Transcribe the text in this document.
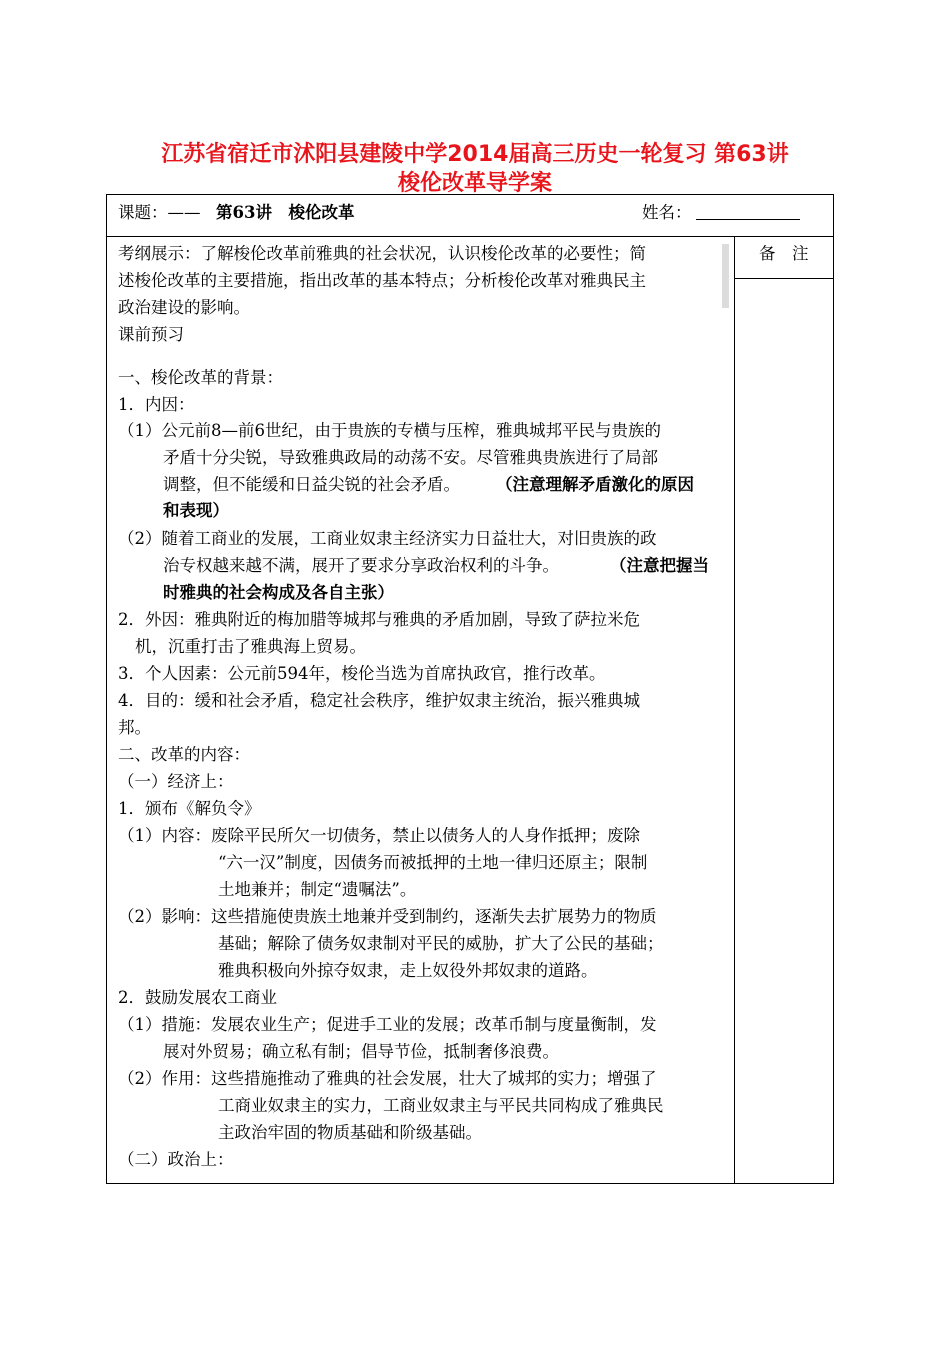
江苏省宿迁市沭阳县建陵中学2014届高三历史一轮复习 第63讲
梭伦改革导学案
课题：—— 第63讲　梭伦改革	姓名：
备　注
考纲展示：了解梭伦改革前雅典的社会状况，认识梭伦改革的必要性；简
述梭伦改革的主要措施，指出改革的基本特点；分析梭伦改革对雅典民主
政治建设的影响。
课前预习
一、梭伦改革的背景：
1．内因：
（1）公元前8—前6世纪，由于贵族的专横与压榨，雅典城邦平民与贵族的
矛盾十分尖锐，导致雅典政局的动荡不安。尽管雅典贵族进行了局部
调整，但不能缓和日益尖锐的社会矛盾。 （注意理解矛盾激化的原因
和表现）
（2）随着工商业的发展，工商业奴隶主经济实力日益壮大，对旧贵族的政
治专权越来越不满，展开了要求分享政治权利的斗争。	（注意把握当
时雅典的社会构成及各自主张）
2．外因：雅典附近的梅加腊等城邦与雅典的矛盾加剧，导致了萨拉米危
机，沉重打击了雅典海上贸易。
3．个人因素：公元前594年，梭伦当选为首席执政官，推行改革。
4．目的：缓和社会矛盾，稳定社会秩序，维护奴隶主统治，振兴雅典城
邦。
二、改革的内容：
（一）经济上：
1．颁布《解负令》
（1）内容：废除平民所欠一切债务，禁止以债务人的人身作抵押；废除
“六一汉”制度，因债务而被抵押的土地一律归还原主；限制
土地兼并；制定“遗嘱法”。
（2）影响：这些措施使贵族土地兼并受到制约，逐渐失去扩展势力的物质
基础；解除了债务奴隶制对平民的威胁，扩大了公民的基础；
雅典积极向外掠夺奴隶，走上奴役外邦奴隶的道路。
2．鼓励发展农工商业
（1）措施：发展农业生产；促进手工业的发展；改革币制与度量衡制，发
展对外贸易；确立私有制；倡导节俭，抵制奢侈浪费。
（2）作用：这些措施推动了雅典的社会发展，壮大了城邦的实力；增强了
工商业奴隶主的实力，工商业奴隶主与平民共同构成了雅典民
主政治牢固的物质基础和阶级基础。
（二）政治上：
